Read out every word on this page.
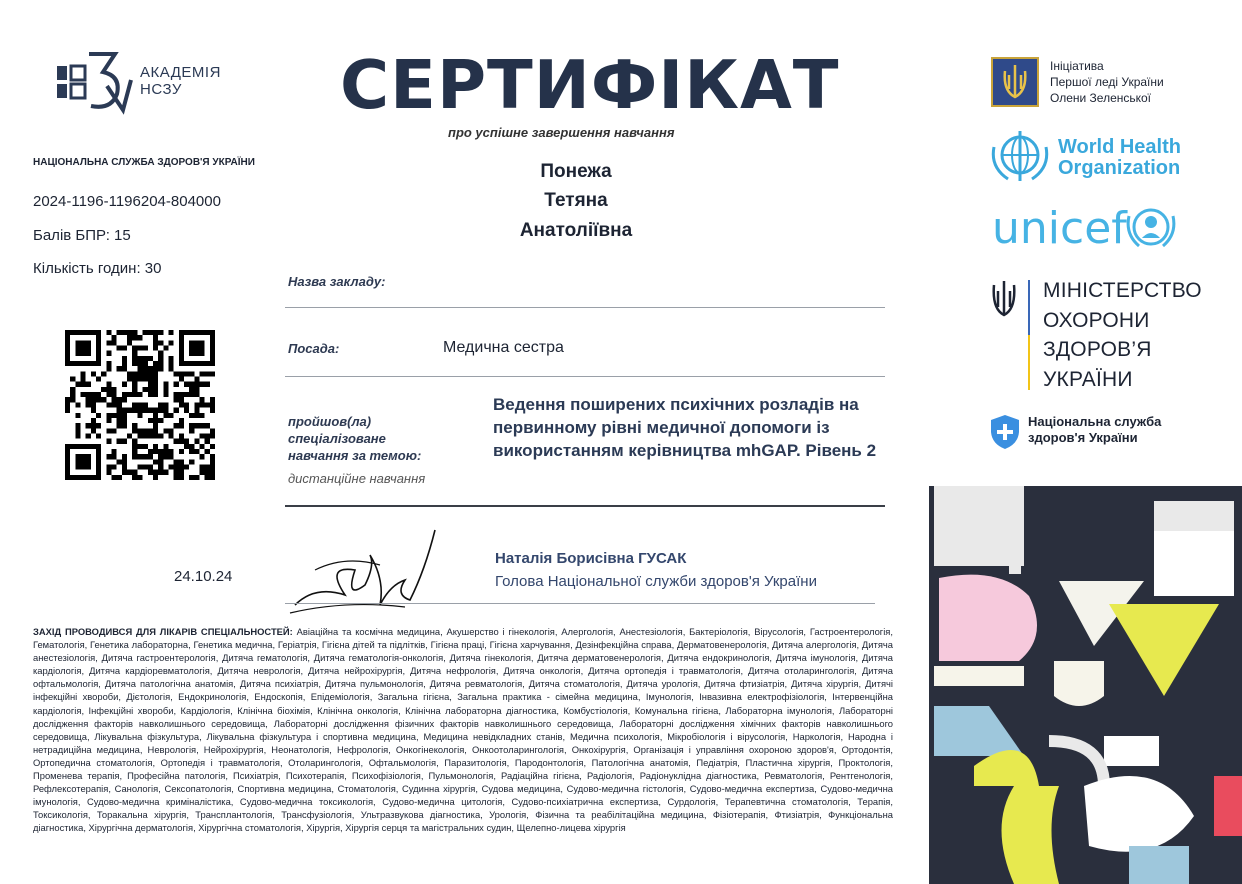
АКАДЕМІЯ
НСЗУ
НАЦІОНАЛЬНА СЛУЖБА ЗДОРОВ'Я УКРАЇНИ
2024-1196-1196204-804000
Балів БПР: 15
Кількість годин: 30
СЕРТИФІКАТ
про успішне завершення навчання
Понежа
Тетяна
Анатоліївна
Назва закладу:
Посада:	Медична сестра
пройшов(ла)
спеціалізоване
навчання за темою:
дистанційне навчання
Ведення поширених психічних розладів на первинному рівні медичної допомоги із використанням керівництва mhGAP. Рівень 2
24.10.24
Наталія Борисівна ГУСАК
Голова Національної служби здоров'я України
ЗАХІД ПРОВОДИВСЯ ДЛЯ ЛІКАРІВ СПЕЦІАЛЬНОСТЕЙ: Авіаційна та космічна медицина, Акушерство і гінекологія, Алергологія, Анестезіологія, Бактеріологія, Вірусологія, Гастроентерологія, Гематологія, Генетика лабораторна, Генетика медична, Геріатрія, Гігієна дітей та підлітків, Гігієна праці, Гігієна харчування, Дезінфекційна справа, Дерматовенерологія, Дитяча алергологія, Дитяча анестезіологія, Дитяча гастроентерологія, Дитяча гематологія, Дитяча гематологія-онкологія, Дитяча гінекологія, Дитяча дерматовенерологія, Дитяча ендокринологія, Дитяча імунологія, Дитяча кардіологія, Дитяча кардіоревматологія, Дитяча неврологія, Дитяча нейрохірургія, Дитяча нефрологія, Дитяча онкологія, Дитяча ортопедія і травматологія, Дитяча отоларингологія, Дитяча офтальмологія, Дитяча патологічна анатомія, Дитяча психіатрія, Дитяча пульмонологія, Дитяча ревматологія, Дитяча стоматологія, Дитяча урологія, Дитяча фтизіатрія, Дитяча хірургія, Дитячі інфекційні хвороби, Дієтологія, Ендокринологія, Ендоскопія, Епідеміологія, Загальна гігієна, Загальна практика - сімейна медицина, Імунологія, Інвазивна електрофізіологія, Інтервенційна кардіологія, Інфекційні хвороби, Кардіологія, Клінічна біохімія, Клінічна онкологія, Клінічна лабораторна діагностика, Комбустіологія, Комунальна гігієна, Лабораторна імунологія, Лабораторні дослідження факторів навколишнього середовища, Лабораторні дослідження фізичних факторів навколишнього середовища, Лабораторні дослідження хімічних факторів навколишнього середовища, Лікувальна фізкультура, Лікувальна фізкультура і спортивна медицина, Медицина невідкладних станів, Медична психологія, Мікробіологія і вірусологія, Наркологія, Народна і нетрадиційна медицина, Неврологія, Нейрохірургія, Неонатологія, Нефрологія, Онкогінекологія, Онкоотоларингологія, Онкохірургія, Організація і управління охороною здоров'я, Ортодонтія, Ортопедична стоматологія, Ортопедія і травматологія, Отоларингологія, Офтальмологія, Паразитологія, Пародонтологія, Патологічна анатомія, Педіатрія, Пластична хірургія, Проктологія, Променева терапія, Професійна патологія, Психіатрія, Психотерапія, Психофізіологія, Пульмонологія, Радіаційна гігієна, Радіологія, Радіонуклідна діагностика, Ревматологія, Рентгенологія, Рефлексотерапія, Санологія, Сексопатологія, Спортивна медицина, Стоматологія, Судинна хірургія, Судова медицина, Судово-медична гістологія, Судово-медична експертиза, Судово-медична імунологія, Судово-медична криміналістика, Судово-медична токсикологія, Судово-медична цитологія, Судово-психіатрична експертиза, Сурдологія, Терапевтична стоматологія, Терапія, Токсикологія, Торакальна хірургія, Трансплантологія, Трансфузіологія, Ультразвукова діагностика, Урологія, Фізична та реабілітаційна медицина, Фізіотерапія, Фтизіатрія, Функціональна діагностика, Хірургічна дерматологія, Хірургічна стоматологія, Хірургія, Хірургія серця та магістральних судин, Щелепно-лицева хірургія
Ініціатива
Першої леді України
Олени Зеленської
World Health
Organization
unicef
МІНІСТЕРСТВО
ОХОРОНИ
ЗДОРОВ’Я
УКРАЇНИ
Національна служба
здоров'я України
